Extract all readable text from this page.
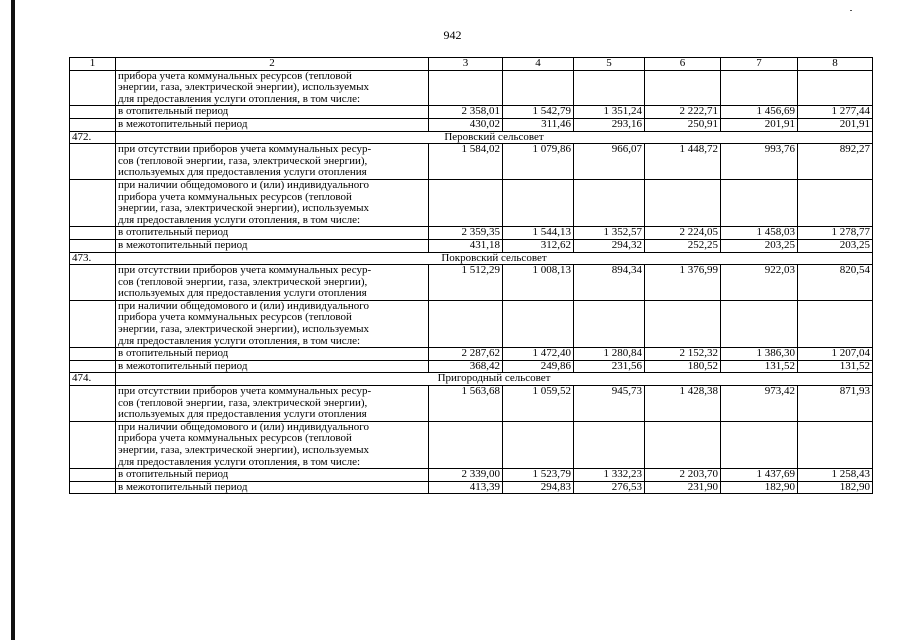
942
1	2	3	4	5	6	7	8

	прибора учета коммунальных ресурсов (тепловой
энергии, газа, электрической энергии), используемых
для предоставления услуги отопления, в том числе:						

	в отопительный период	2 358,01	1 542,79	1 351,24	2 222,71	1 456,69	1 277,44
	в межотопительный период	430,02	311,46	293,16	250,91	201,91	201,91
472.	Перовский сельсовет						

	при отсутствии приборов учета коммунальных ресур-
сов (тепловой энергии, газа, электрической энергии),
используемых для предоставления услуги отопления	1 584,02	1 079,86	966,07	1 448,72	993,76	892,27

	при наличии общедомового и (или) индивидуального
прибора учета коммунальных ресурсов (тепловой
энергии, газа, электрической энергии), используемых
для предоставления услуги отопления, в том числе:						

	в отопительный период	2 359,35	1 544,13	1 352,57	2 224,05	1 458,03	1 278,77
	в межотопительный период	431,18	312,62	294,32	252,25	203,25	203,25
473.	Покровский сельсовет						

	при отсутствии приборов учета коммунальных ресур-
сов (тепловой энергии, газа, электрической энергии),
используемых для предоставления услуги отопления	1 512,29	1 008,13	894,34	1 376,99	922,03	820,54

	при наличии общедомового и (или) индивидуального
прибора учета коммунальных ресурсов (тепловой
энергии, газа, электрической энергии), используемых
для предоставления услуги отопления, в том числе:						

	в отопительный период	2 287,62	1 472,40	1 280,84	2 152,32	1 386,30	1 207,04
	в межотопительный период	368,42	249,86	231,56	180,52	131,52	131,52
474.	Пригородный сельсовет						

	при отсутствии приборов учета коммунальных ресур-
сов (тепловой энергии, газа, электрической энергии),
используемых для предоставления услуги отопления	1 563,68	1 059,52	945,73	1 428,38	973,42	871,93

	при наличии общедомового и (или) индивидуального
прибора учета коммунальных ресурсов (тепловой
энергии, газа, электрической энергии), используемых
для предоставления услуги отопления, в том числе:						

	в отопительный период	2 339,00	1 523,79	1 332,23	2 203,70	1 437,69	1 258,43
	в межотопительный период	413,39	294,83	276,53	231,90	182,90	182,90
